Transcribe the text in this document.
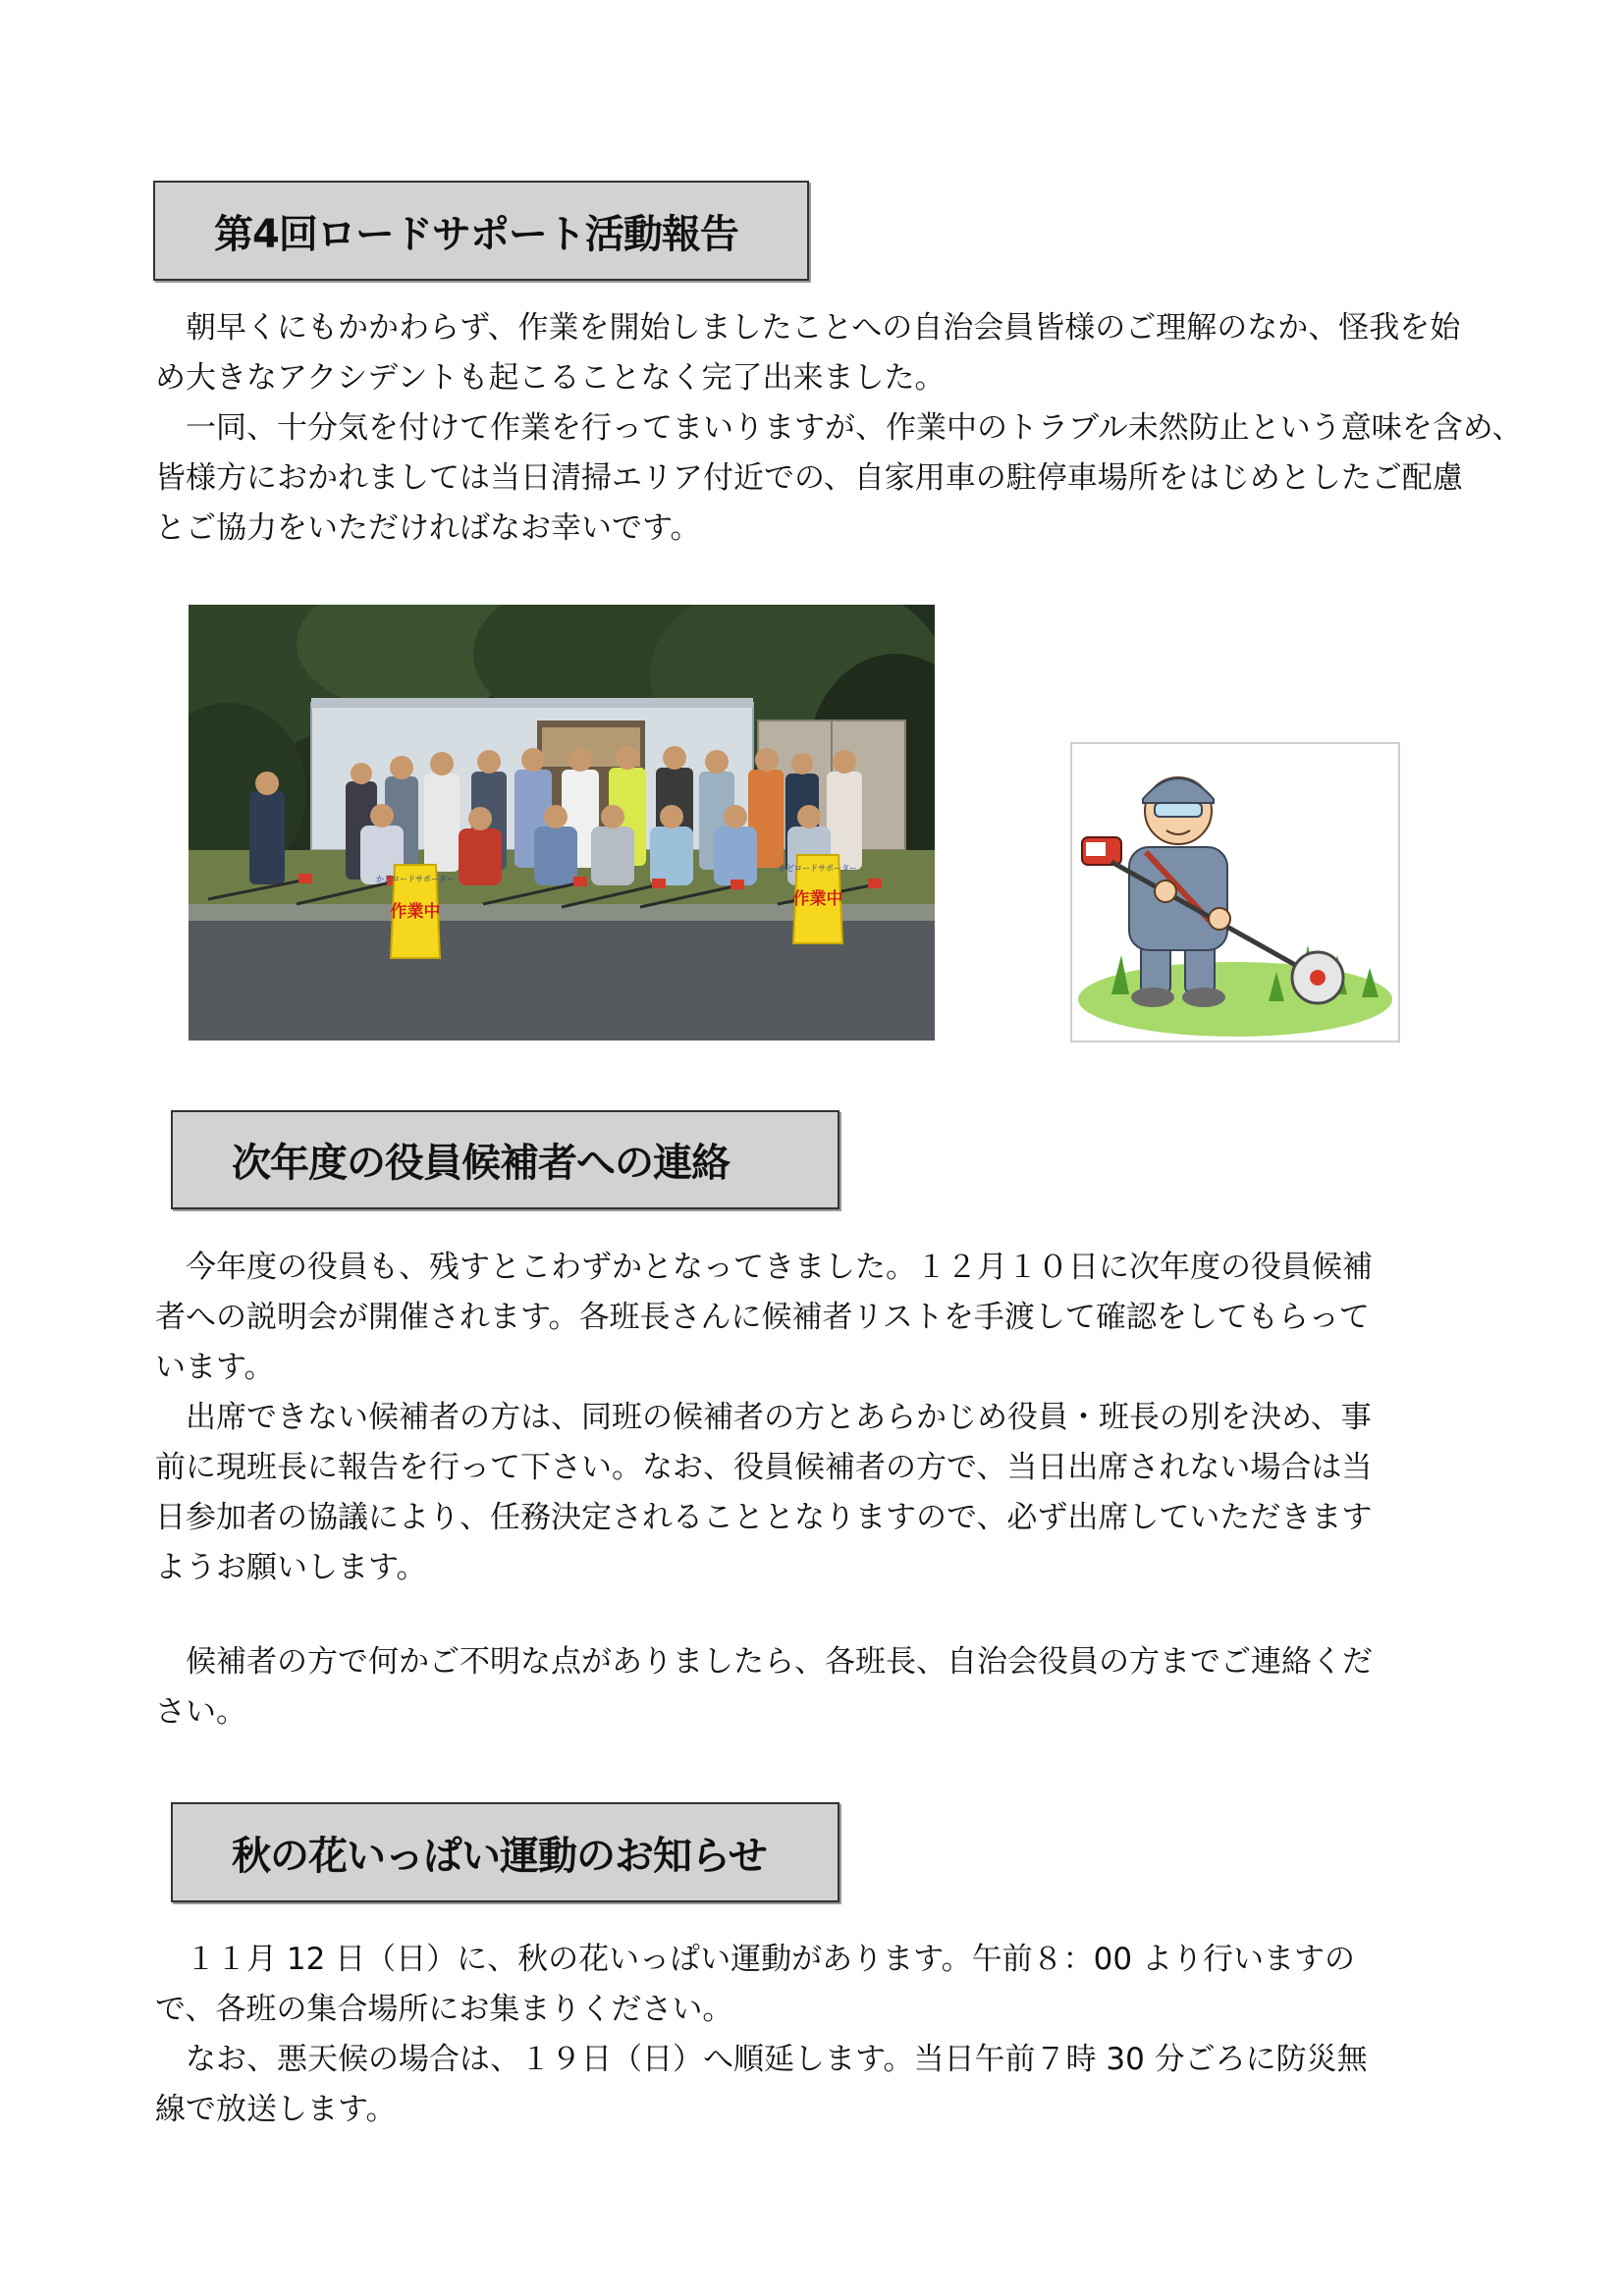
第4回ロードサポート活動報告
　朝早くにもかかわらず、作業を開始しましたことへの自治会員皆様のご理解のなか、怪我を始
め大きなアクシデントも起こることなく完了出来ました。
　一同、十分気を付けて作業を行ってまいりますが、作業中のトラブル未然防止という意味を含め、
皆様方におかれましては当日清掃エリア付近での、自家用車の駐停車場所をはじめとしたご配慮
とご協力をいただければなお幸いです。
かどロードサポーター
作業中
かどロードサポーター
作業中
次年度の役員候補者への連絡
　今年度の役員も、残すとこわずかとなってきました。１２月１０日に次年度の役員候補
者への説明会が開催されます。各班長さんに候補者リストを手渡して確認をしてもらって
います。
　出席できない候補者の方は、同班の候補者の方とあらかじめ役員・班長の別を決め、事
前に現班長に報告を行って下さい。なお、役員候補者の方で、当日出席されない場合は当
日参加者の協議により、任務決定されることとなりますので、必ず出席していただきます
ようお願いします。
　候補者の方で何かご不明な点がありましたら、各班長、自治会役員の方までご連絡くだ
さい。
秋の花いっぱい運動のお知らせ
　１１月 12 日（日）に、秋の花いっぱい運動があります。午前８：00 より行いますの
で、各班の集合場所にお集まりください。
　なお、悪天候の場合は、１９日（日）へ順延します。当日午前７時 30 分ごろに防災無
線で放送します。
